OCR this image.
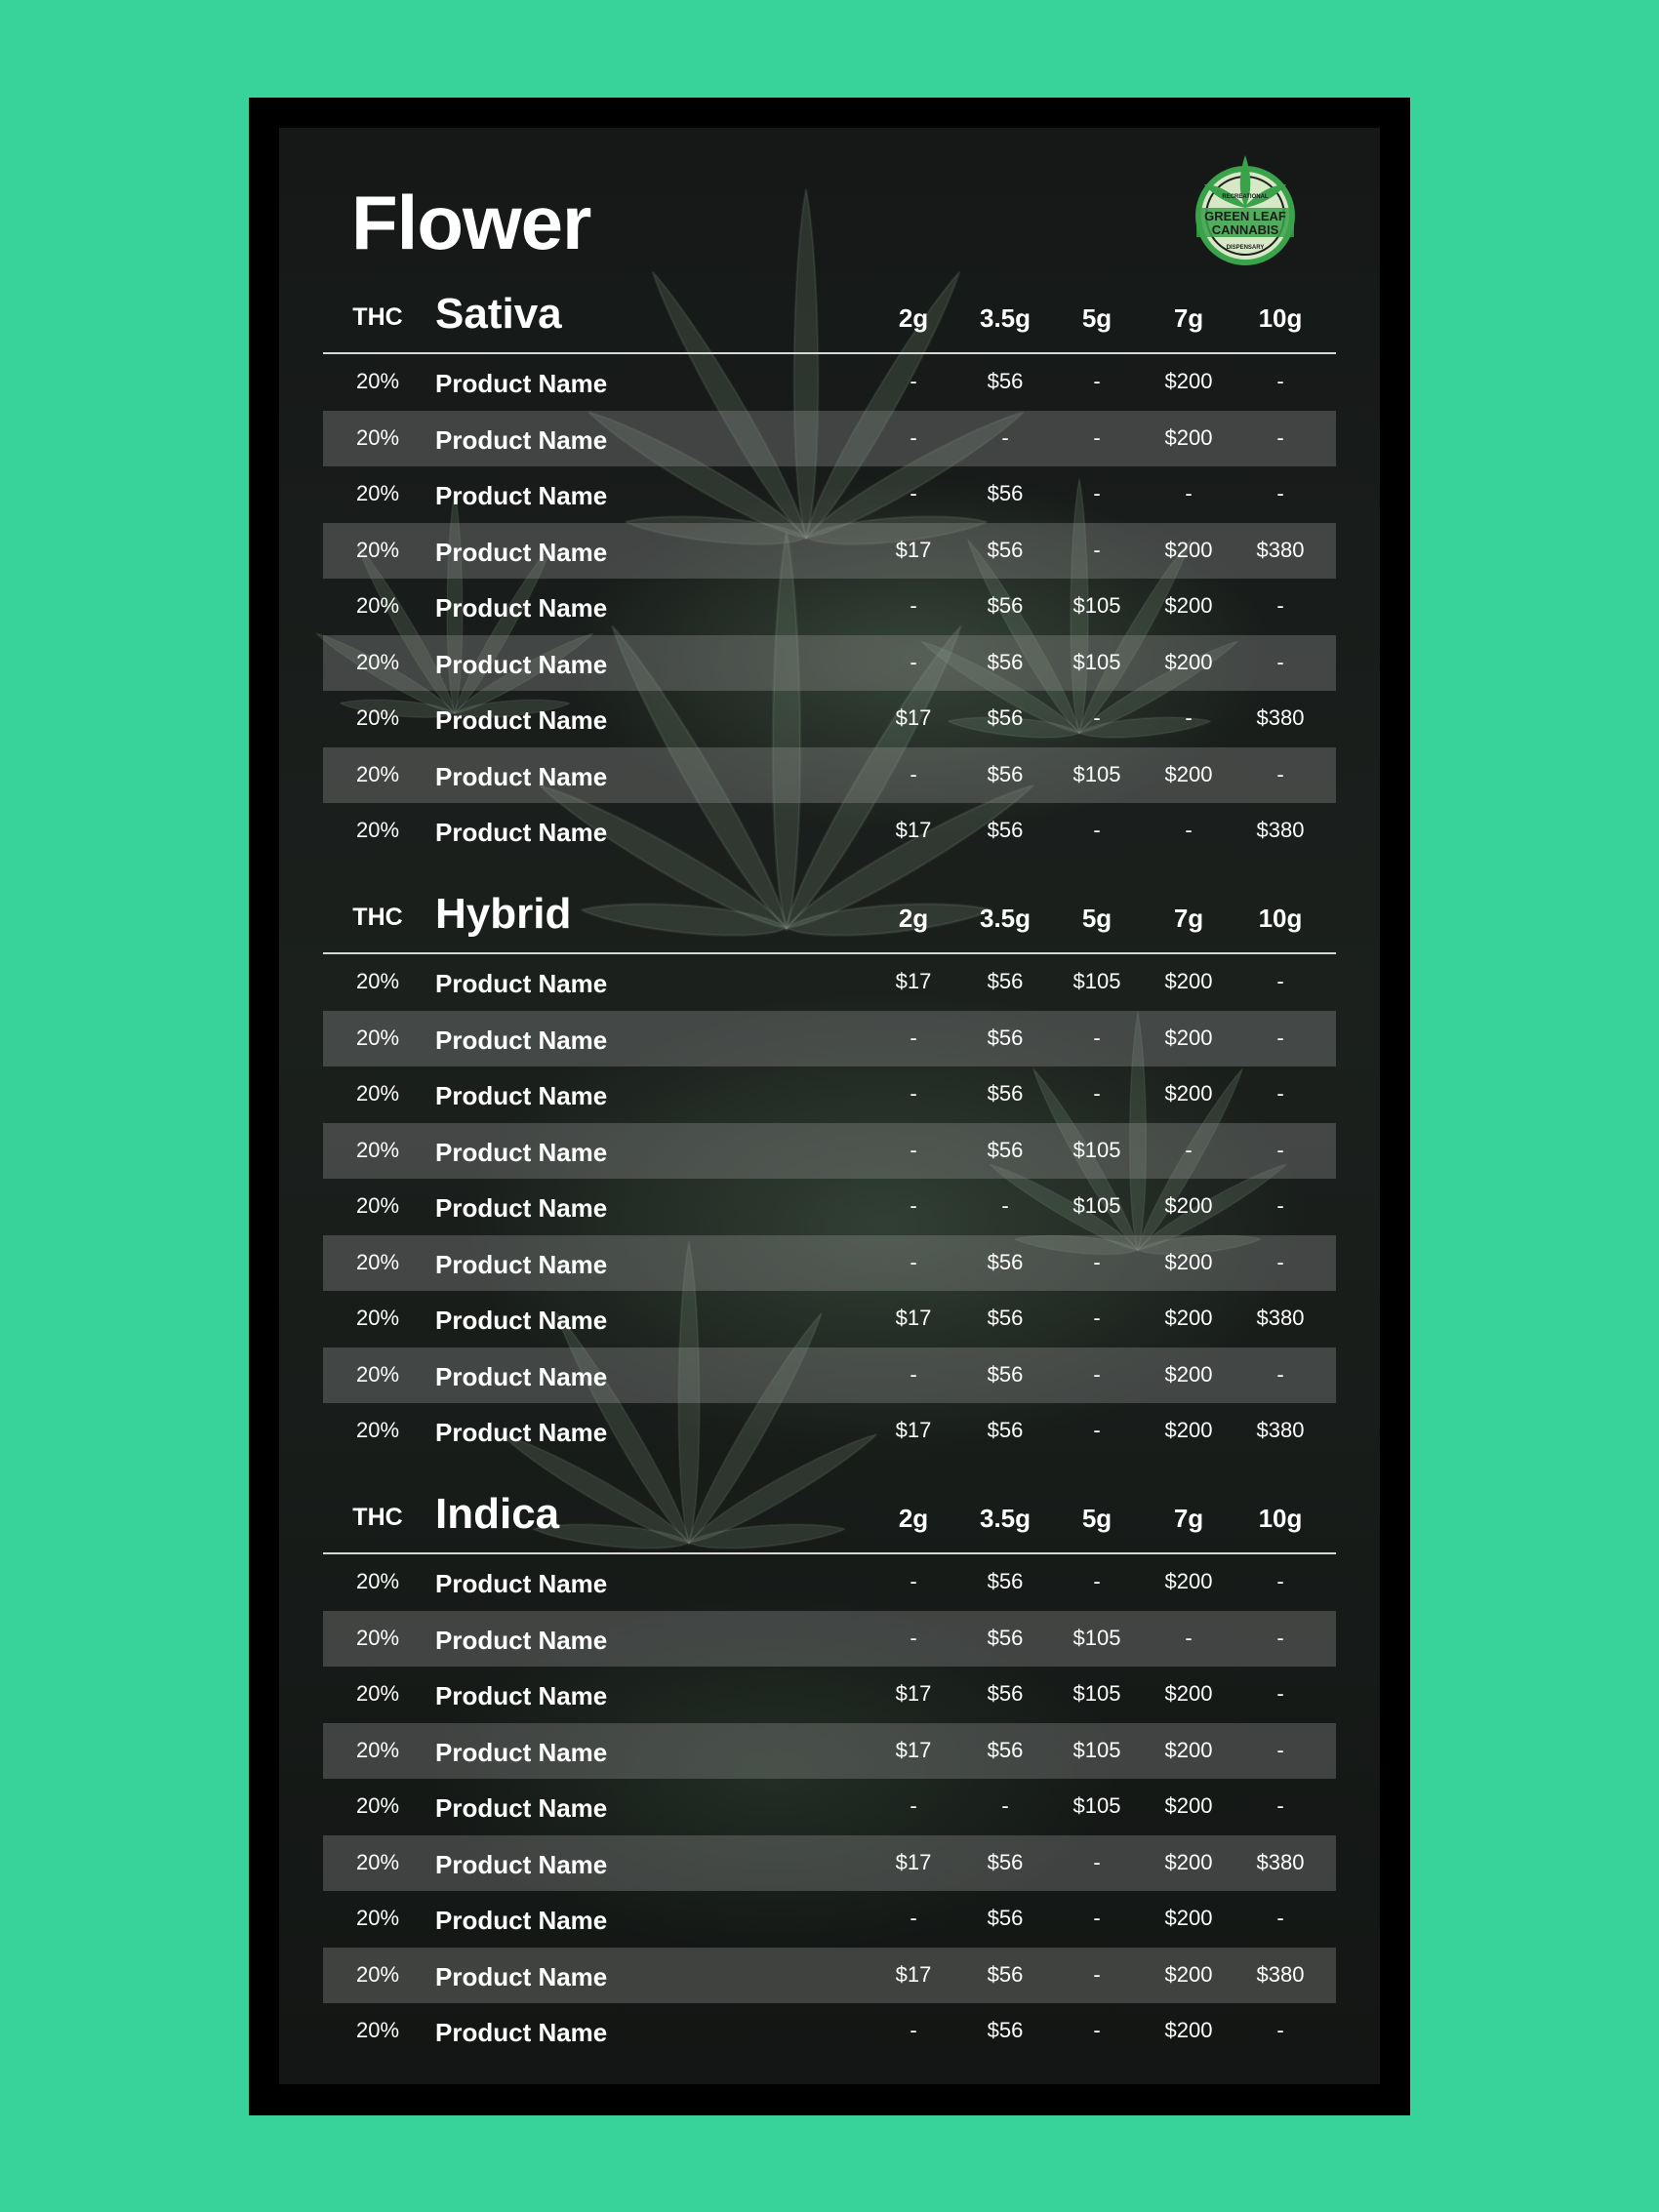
Flower	GREEN LEAF
CANNABIS
RECREATIONAL
DISPENSARY
THC Sativa	2g	3.5g	5g	7g	10g
20%	Product Name	-	$56	-	$200	-
20%	Product Name	-	-	-	$200	-
20%	Product Name	-	$56	-	-	-
20%	Product Name	$17	$56	-	$200	$380
20%	Product Name	-	$56	$105	$200	-
20%	Product Name	-	$56	$105	$200	-
20%	Product Name	$17	$56	-	-	$380
20%	Product Name	-	$56	$105	$200	-
20%	Product Name	$17	$56	-	-	$380
THC Hybrid	2g	3.5g	5g	7g	10g
20%	Product Name	$17	$56	$105	$200	-
20%	Product Name	-	$56	-	$200	-
20%	Product Name	-	$56	-	$200	-
20%	Product Name	-	$56	$105	-	-
20%	Product Name	-	-	$105	$200	-
20%	Product Name	-	$56	-	$200	-
20%	Product Name	$17	$56	-	$200	$380
20%	Product Name	-	$56	-	$200	-
20%	Product Name	$17	$56	-	$200	$380
THC Indica	2g	3.5g	5g	7g	10g
20%	Product Name	-	$56	-	$200	-
20%	Product Name	-	$56	$105	-	-
20%	Product Name	$17	$56	$105	$200	-
20%	Product Name	$17	$56	$105	$200	-
20%	Product Name	-	-	$105	$200	-
20%	Product Name	$17	$56	-	$200	$380
20%	Product Name	-	$56	-	$200	-
20%	Product Name	$17	$56	-	$200	$380
20%	Product Name	-	$56	-	$200	-
